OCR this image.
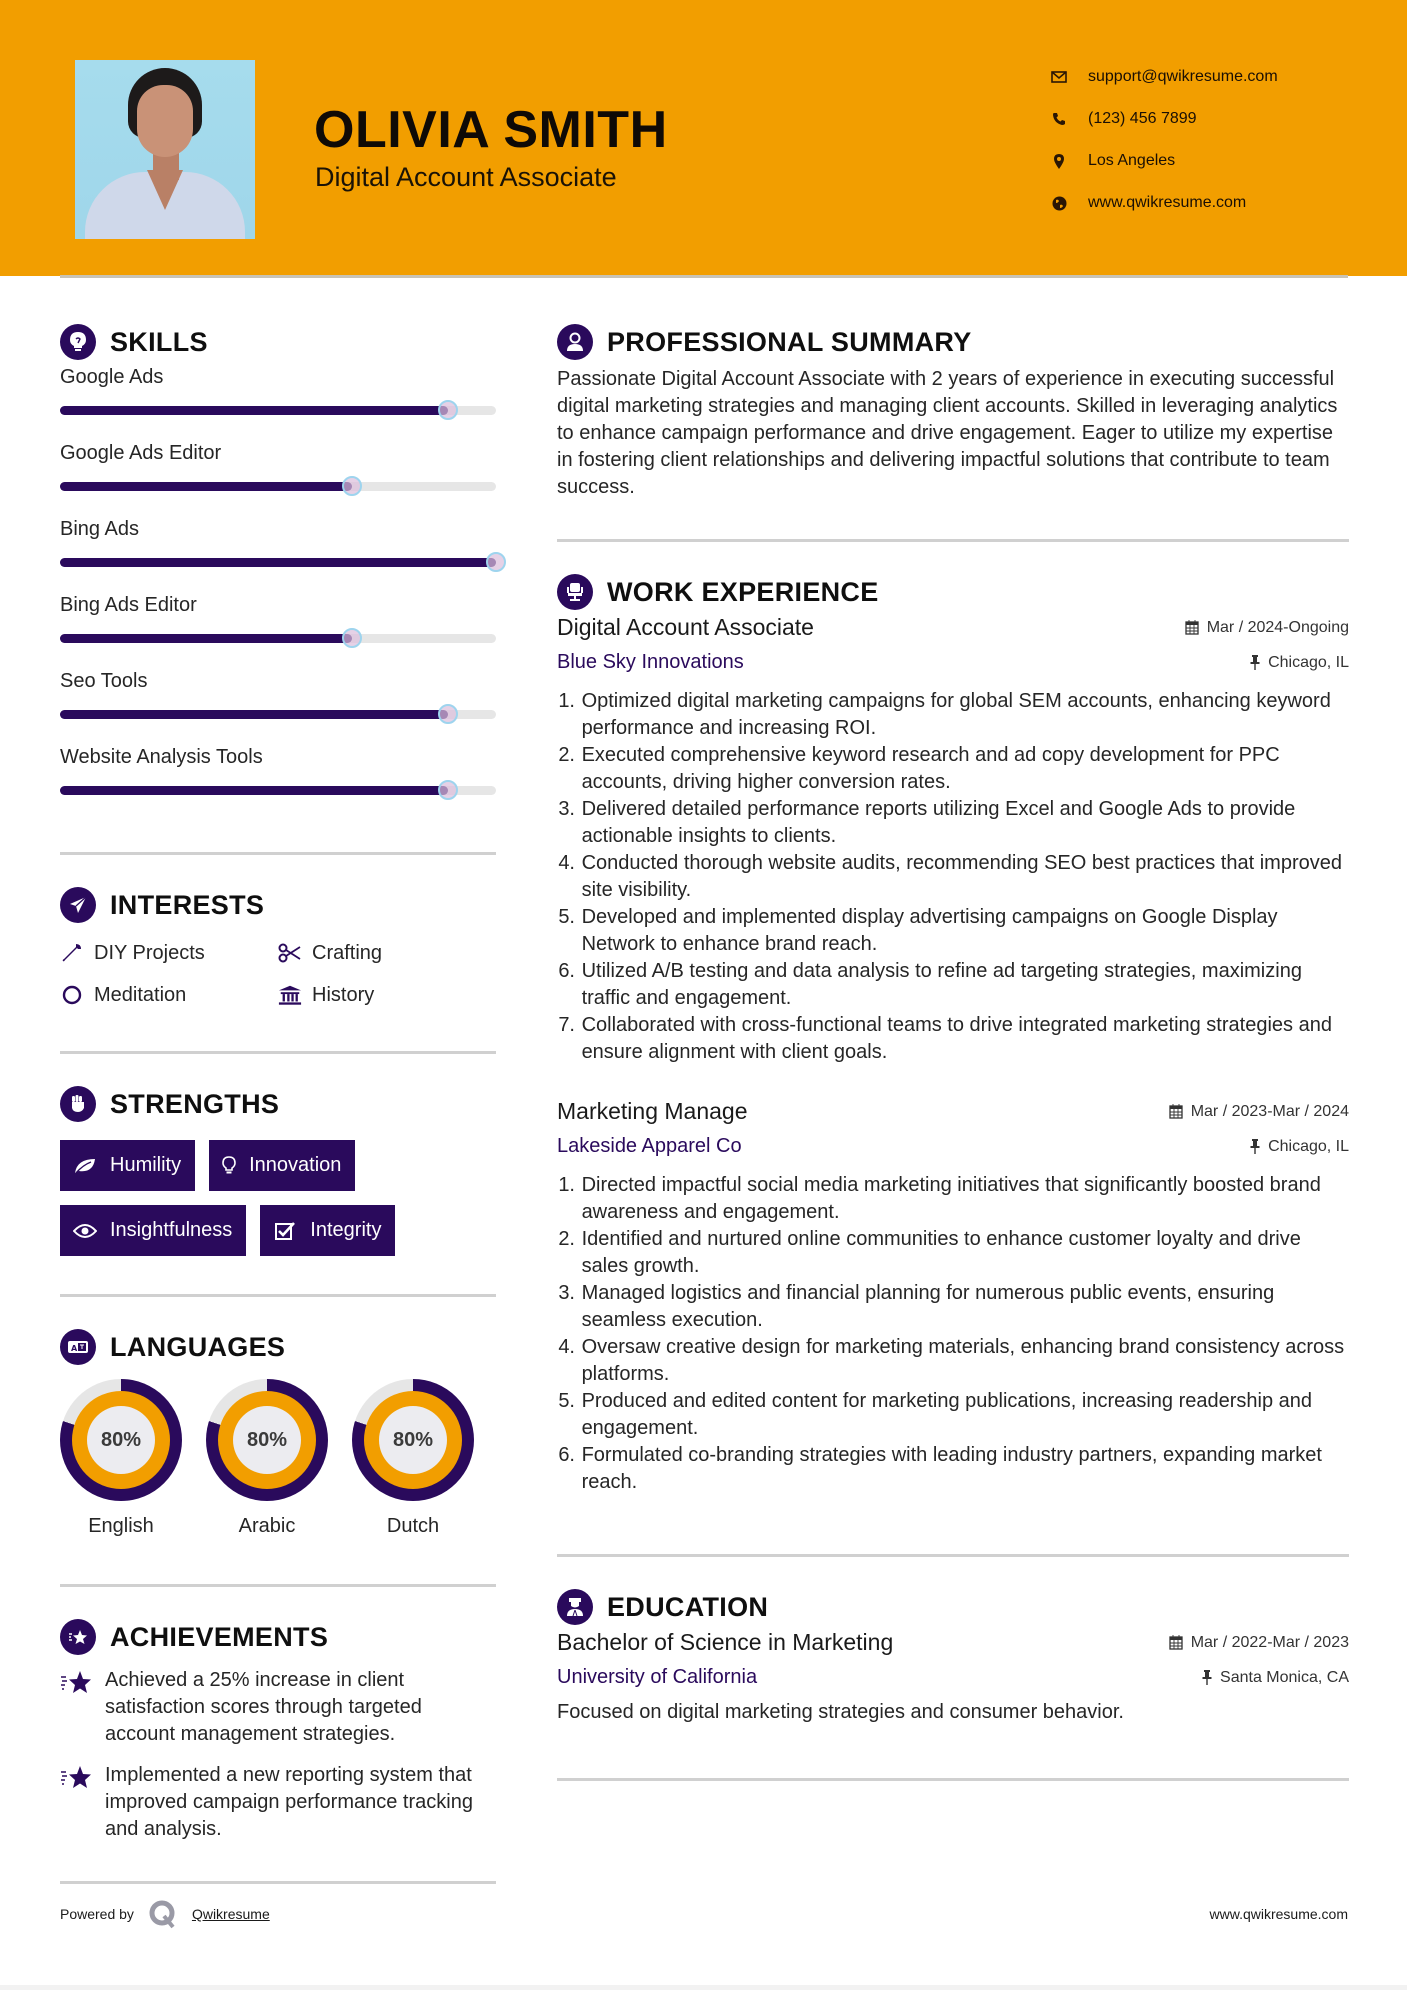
OLIVIA SMITH
Digital Account Associate
support@qwikresume.com
(123) 456 7899
Los Angeles
www.qwikresume.com
SKILLS
Google Ads
Google Ads Editor
Bing Ads
Bing Ads Editor
Seo Tools
Website Analysis Tools
INTERESTS
DIY Projects	Crafting
Meditation	History
STRENGTHS
Humility	Innovation
Insightfulness	Integrity
A LANGUAGES
80%
English
80%
Arabic
80%
Dutch
ACHIEVEMENTS
Achieved a 25% increase in client satisfaction scores through targeted account management strategies.
Implemented a new reporting system that improved campaign performance tracking and analysis.
PROFESSIONAL SUMMARY

Passionate Digital Account Associate with 2 years of experience in executing successful digital marketing strategies and managing client accounts. Skilled in leveraging analytics to enhance campaign performance and drive engagement. Eager to utilize my expertise in fostering client relationships and delivering impactful solutions that contribute to team success.

WORK EXPERIENCE
Digital Account Associate	Mar / 2024-Ongoing
Blue Sky Innovations	Chicago, IL
1.
Optimized digital marketing campaigns for global SEM accounts, enhancing keyword performance and increasing ROI.
2.
Executed comprehensive keyword research and ad copy development for PPC accounts, driving higher conversion rates.
3.
Delivered detailed performance reports utilizing Excel and Google Ads to provide actionable insights to clients.
4.
Conducted thorough website audits, recommending SEO best practices that improved site visibility.
5.
Developed and implemented display advertising campaigns on Google Display Network to enhance brand reach.
6.
Utilized A/B testing and data analysis to refine ad targeting strategies, maximizing traffic and engagement.
7.
Collaborated with cross-functional teams to drive integrated marketing strategies and ensure alignment with client goals.
Marketing Manage	Mar / 2023-Mar / 2024
Lakeside Apparel Co	Chicago, IL
1.
Directed impactful social media marketing initiatives that significantly boosted brand awareness and engagement.
2.
Identified and nurtured online communities to enhance customer loyalty and drive sales growth.
3.
Managed logistics and financial planning for numerous public events, ensuring seamless execution.
4.
Oversaw creative design for marketing materials, enhancing brand consistency across platforms.
5.
Produced and edited content for marketing publications, increasing readership and engagement.
6.
Formulated co-branding strategies with leading industry partners, expanding market reach.
EDUCATION
Bachelor of Science in Marketing	Mar / 2022-Mar / 2023
University of California	Santa Monica, CA

Focused on digital marketing strategies and consumer behavior.

Powered by	Qwikresume	www.qwikresume.com
